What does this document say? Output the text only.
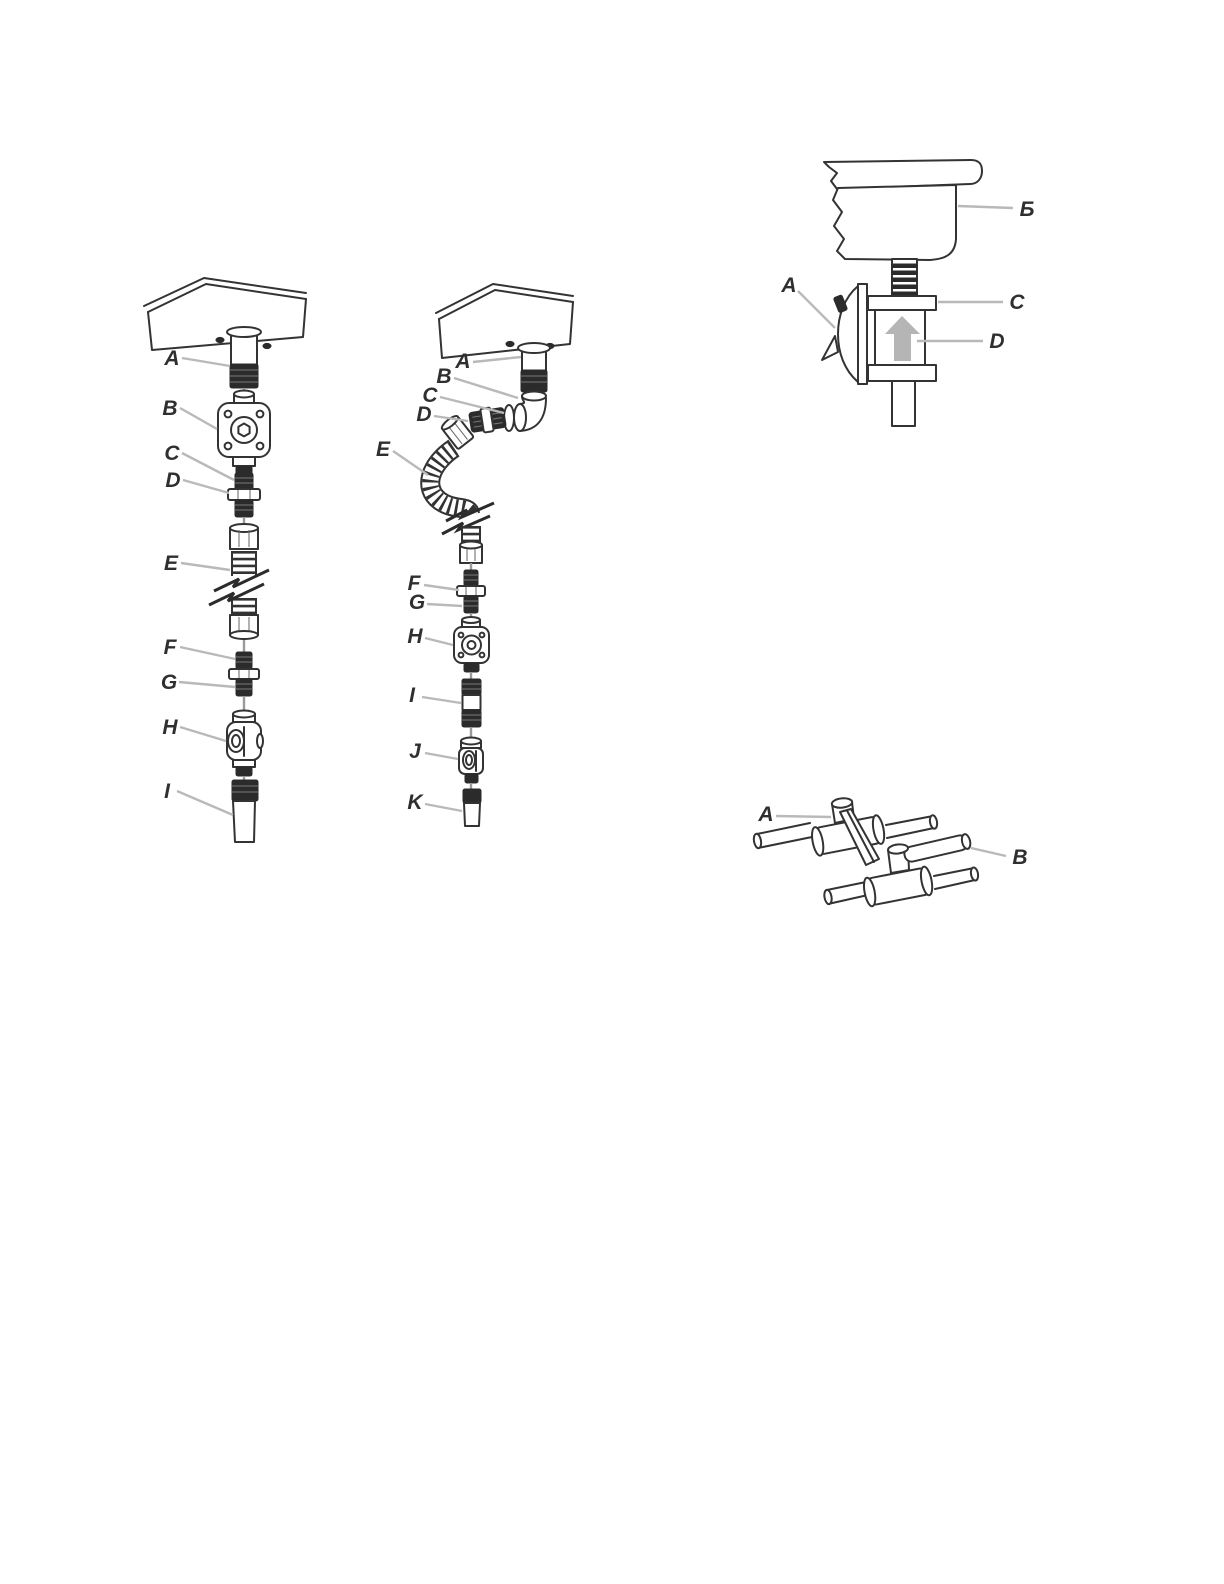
A
B
C
D
E
F
G
H
I
A
B
C
D
E
F
G
H
I
J
K
Б
A
C
D
A
B
